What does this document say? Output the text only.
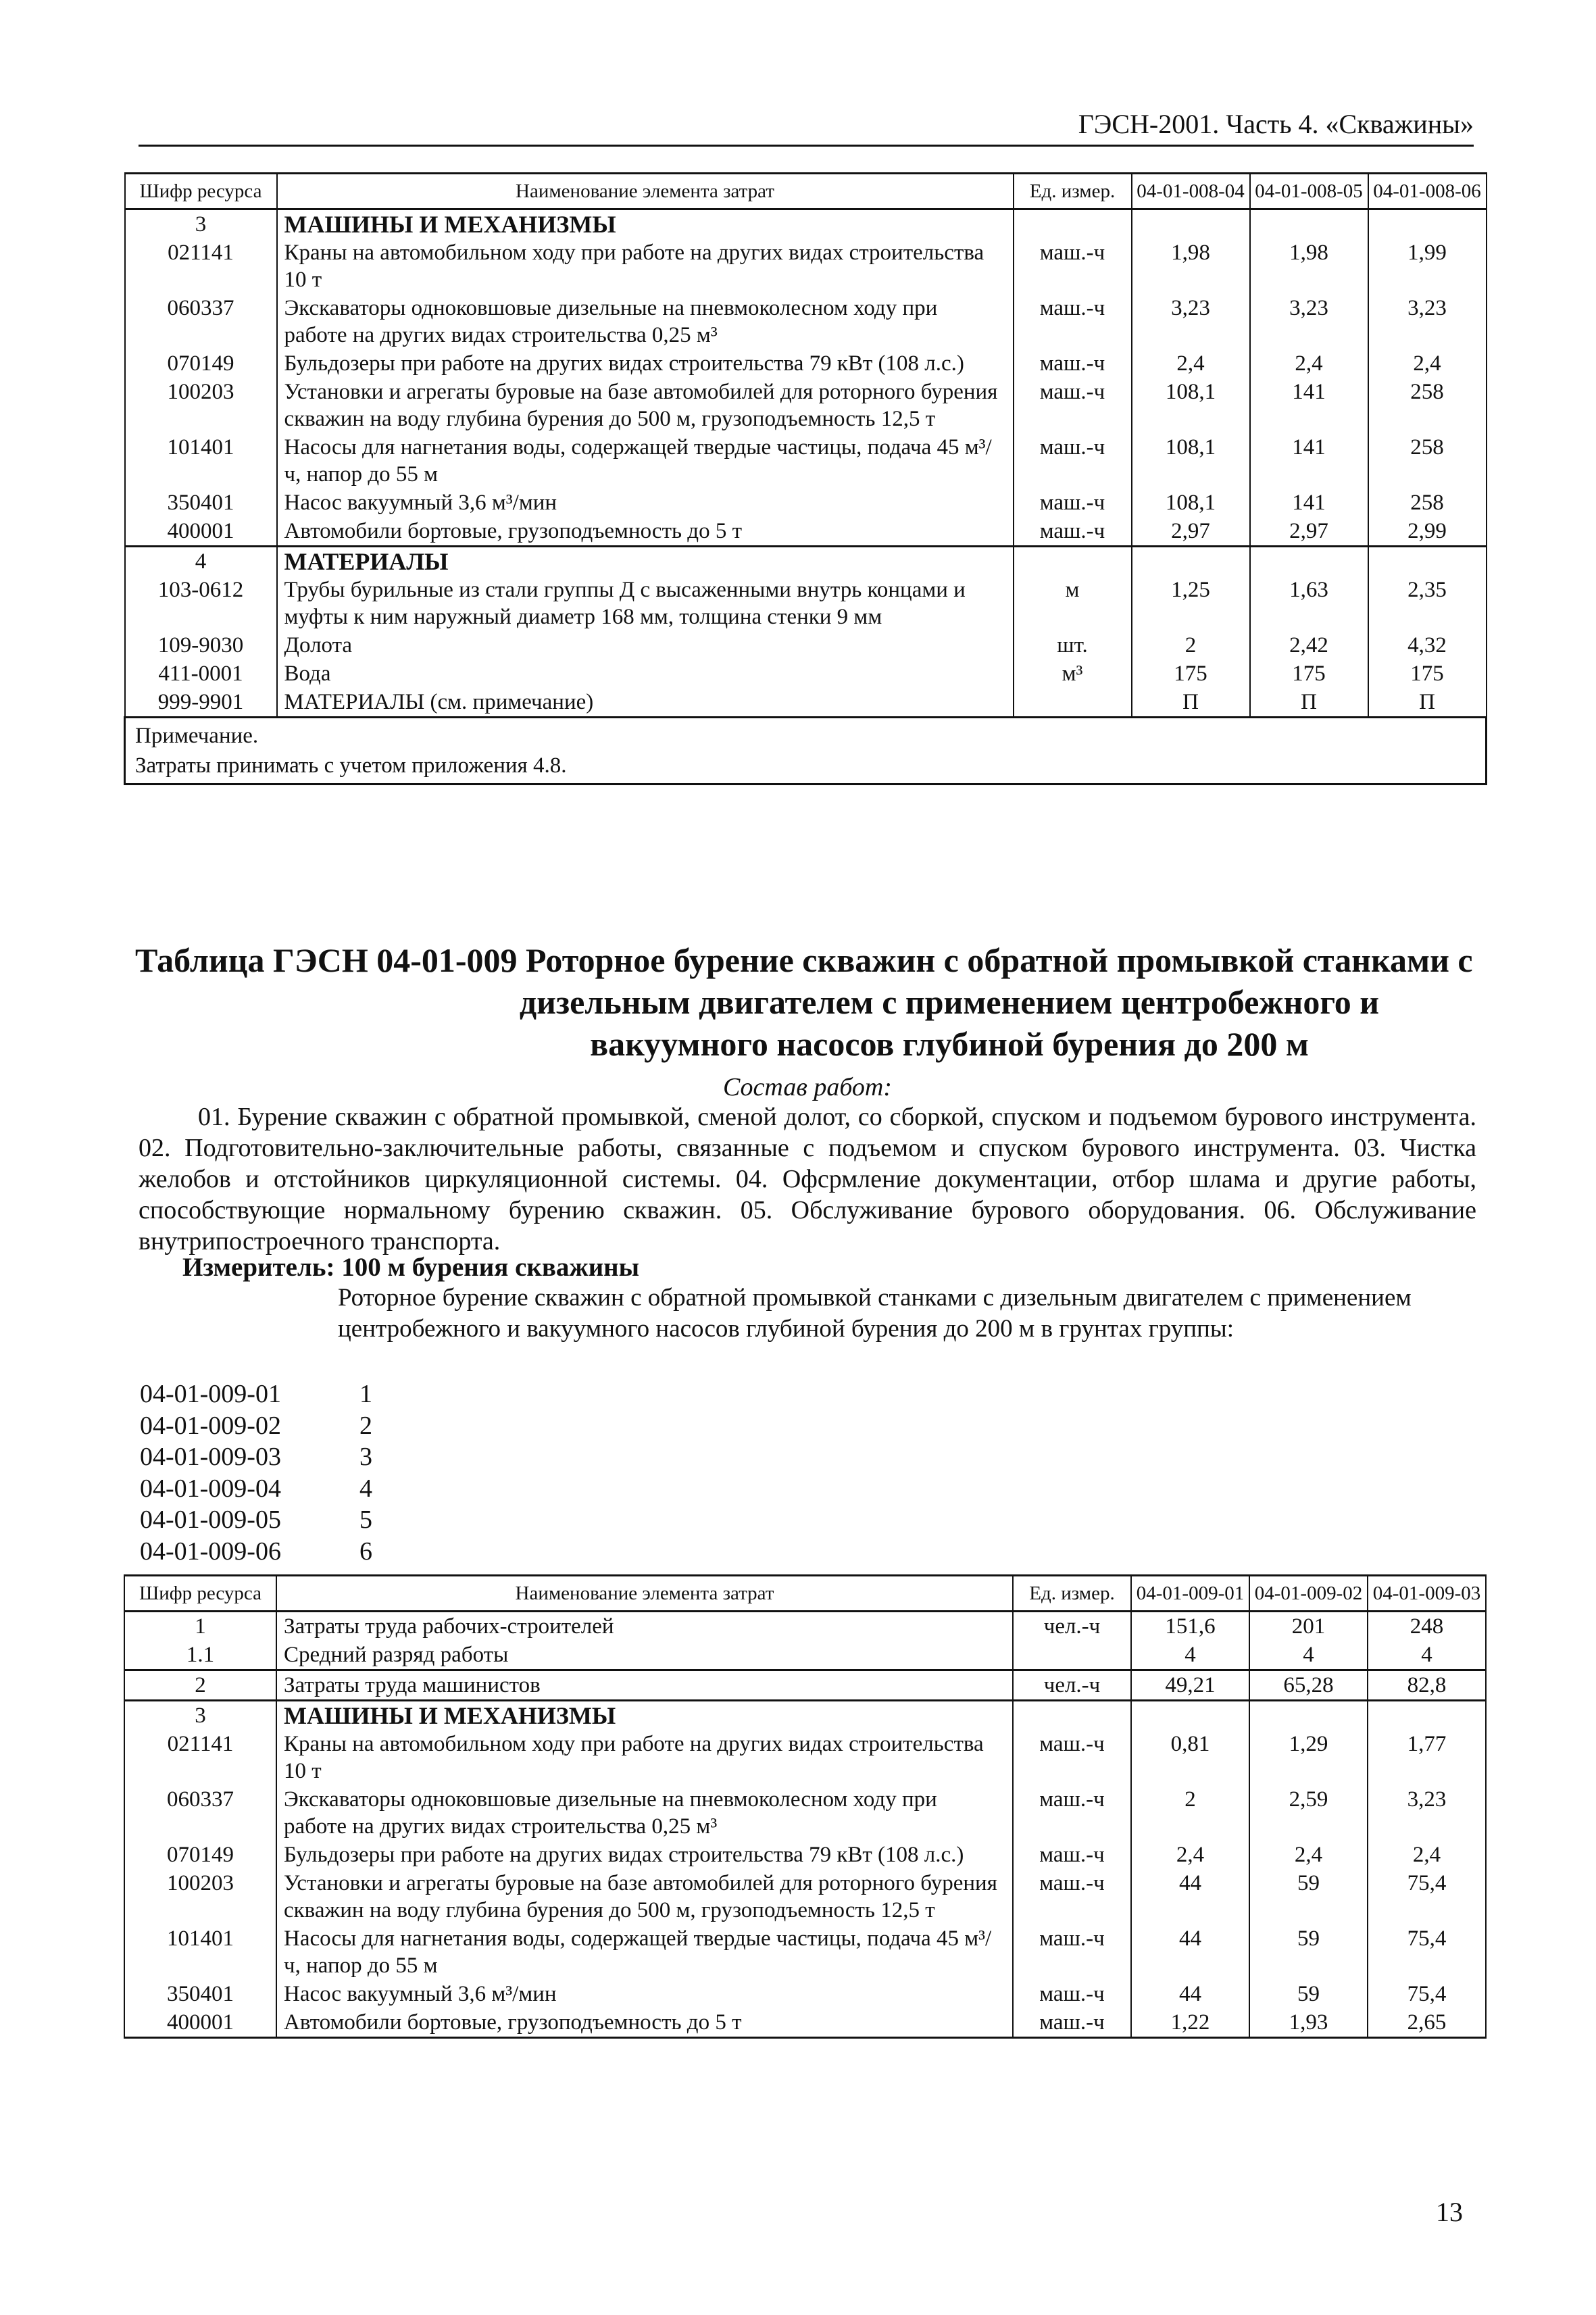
ГЭСН-2001. Часть 4. «Скважины»
Шифр ресурса	Наименование элемента затрат	Ед. измер.	04-01-008-04	04-01-008-05	04-01-008-06
3	МАШИНЫ И МЕХАНИЗМЫ				
021141	Краны на автомобильном ходу при работе на других видах строительства 10 т	маш.-ч	1,98	1,98	1,99
060337	Экскаваторы одноковшовые дизельные на пневмоколесном ходу при работе на других видах строительства 0,25 м³	маш.-ч	3,23	3,23	3,23
070149	Бульдозеры при работе на других видах строительства 79 кВт (108 л.с.)	маш.-ч	2,4	2,4	2,4
100203	Установки и агрегаты буровые на базе автомобилей для роторного бурения скважин на воду глубина бурения до 500 м, грузоподъемность 12,5 т	маш.-ч	108,1	141	258
101401	Насосы для нагнетания воды, содержащей твердые частицы, подача 45 м³/ч, напор до 55 м	маш.-ч	108,1	141	258
350401	Насос вакуумный 3,6 м³/мин	маш.-ч	108,1	141	258
400001	Автомобили бортовые, грузоподъемность до 5 т	маш.-ч	2,97	2,97	2,99
4	МАТЕРИАЛЫ				
103-0612	Трубы бурильные из стали группы Д с высаженными внутрь концами и муфты к ним наружный диаметр 168 мм, толщина стенки 9 мм	м	1,25	1,63	2,35
109-9030	Долота	шт.	2	2,42	4,32
411-0001	Вода	м³	175	175	175
999-9901	МАТЕРИАЛЫ (см. примечание)		П	П	П

Примечание.
Затраты принимать с учетом приложения 4.8.					
Таблица ГЭСН 04-01-009 Роторное бурение скважин с обратной промывкой станками с
дизельным двигателем с применением центробежного и
вакуумного насосов глубиной бурения до 200 м
Состав работ:
01. Бурение скважин с обратной промывкой, сменой долот, со сборкой, спуском и подъемом бурового инструмента. 02. Подготовительно-заключительные работы, связанные с подъемом и спуском бурового инструмента. 03. Чистка желобов и отстойников циркуляционной системы. 04. Офсрмление документации, отбор шлама и другие работы, способствующие нормальному бурению скважин. 05. Обслуживание бурового оборудования. 06. Обслуживание внутрипостроечного транспорта.
Измеритель: 100 м бурения скважины
Роторное бурение скважин с обратной промывкой станками с дизельным двигателем с применением центробежного и вакуумного насосов глубиной бурения до 200 м в грунтах группы:
04-01-009-01	1
04-01-009-02	2
04-01-009-03	3
04-01-009-04	4
04-01-009-05	5
04-01-009-06	6
Шифр ресурса	Наименование элемента затрат	Ед. измер.	04-01-009-01	04-01-009-02	04-01-009-03
1	Затраты труда рабочих-строителей	чел.-ч	151,6	201	248
1.1	Средний разряд работы		4	4	4
2	Затраты труда машинистов	чел.-ч	49,21	65,28	82,8
3	МАШИНЫ И МЕХАНИЗМЫ				
021141	Краны на автомобильном ходу при работе на других видах строительства 10 т	маш.-ч	0,81	1,29	1,77
060337	Экскаваторы одноковшовые дизельные на пневмоколесном ходу при работе на других видах строительства 0,25 м³	маш.-ч	2	2,59	3,23
070149	Бульдозеры при работе на других видах строительства 79 кВт (108 л.с.)	маш.-ч	2,4	2,4	2,4
100203	Установки и агрегаты буровые на базе автомобилей для роторного бурения скважин на воду глубина бурения до 500 м, грузоподъемность 12,5 т	маш.-ч	44	59	75,4
101401	Насосы для нагнетания воды, содержащей твердые частицы, подача 45 м³/ч, напор до 55 м	маш.-ч	44	59	75,4
350401	Насос вакуумный 3,6 м³/мин	маш.-ч	44	59	75,4
400001	Автомобили бортовые, грузоподъемность до 5 т	маш.-ч	1,22	1,93	2,65
13
